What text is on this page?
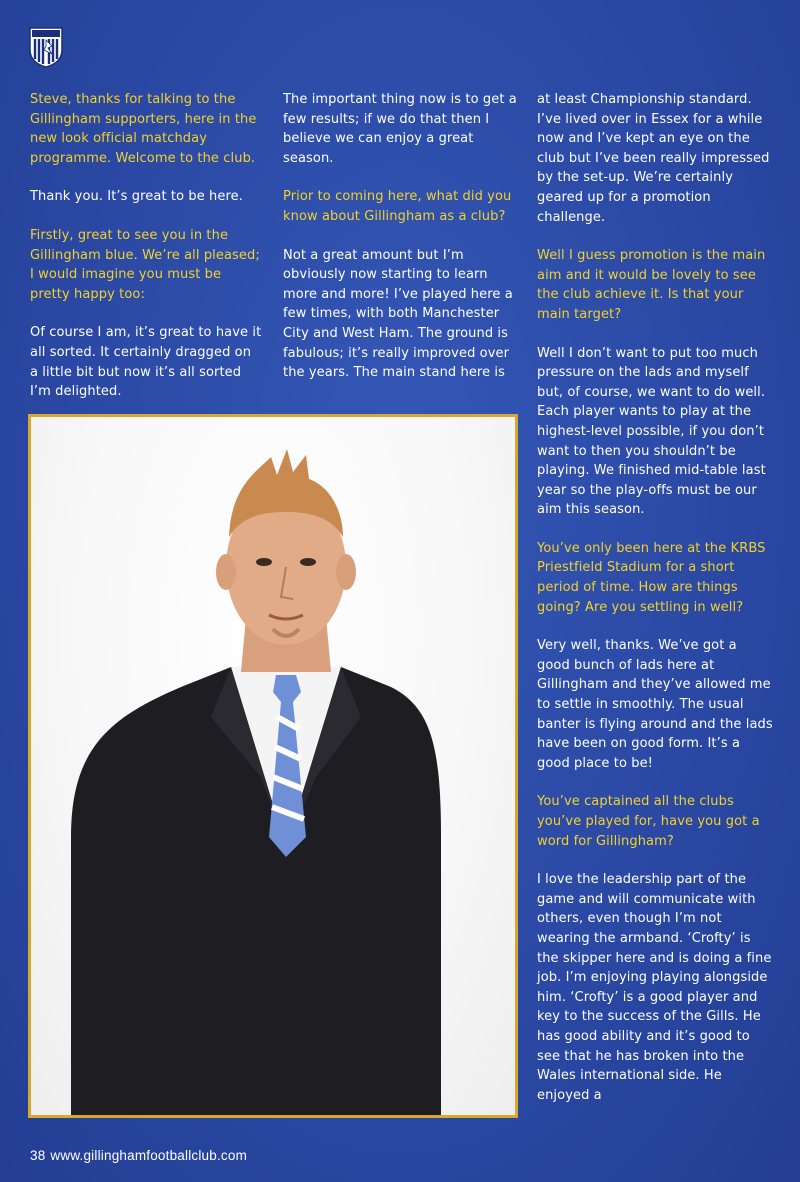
Steve, thanks for talking to the Gillingham supporters, here in the new look official matchday programme. Welcome to the club.

Thank you. It’s great to be here.

Firstly, great to see you in the Gillingham blue. We’re all pleased; I would imagine you must be pretty happy too:

Of course I am, it’s great to have it all sorted. It certainly dragged on a little bit but now it’s all sorted I’m delighted.

The important thing now is to get a few results; if we do that then I believe we can enjoy a great season.

Prior to coming here, what did you know about Gillingham as a club?

Not a great amount but I’m obviously now starting to learn more and more! I’ve played here a few times, with both Manchester City and West Ham. The ground is fabulous; it’s really improved over the years. The main stand here is

at least Championship standard. I’ve lived over in Essex for a while now and I’ve kept an eye on the club but I’ve been really impressed by the set-up. We’re certainly geared up for a promotion challenge.

Well I guess promotion is the main aim and it would be lovely to see the club achieve it. Is that your main target?

Well I don’t want to put too much pressure on the lads and myself but, of course, we want to do well. Each player wants to play at the highest-level possible, if you don’t want to then you shouldn’t be playing. We finished mid-table last year so the play-offs must be our aim this season.

You’ve only been here at the KRBS Priestfield Stadium for a short period of time. How are things going? Are you settling in well?

Very well, thanks. We’ve got a good bunch of lads here at Gillingham and they’ve allowed me to settle in smoothly. The usual banter is flying around and the lads have been on good form. It’s a good place to be!

You’ve captained all the clubs you’ve played for, have you got a word for Gillingham?

I love the leadership part of the game and will communicate with others, even though I’m not wearing the armband. ‘Crofty’ is the skipper here and is doing a fine job. I’m enjoying playing alongside him. ‘Crofty’ is a good player and key to the success of the Gills. He has good ability and it’s good to see that he has broken into the Wales international side. He enjoyed a

38 www.gillinghamfootballclub.com
